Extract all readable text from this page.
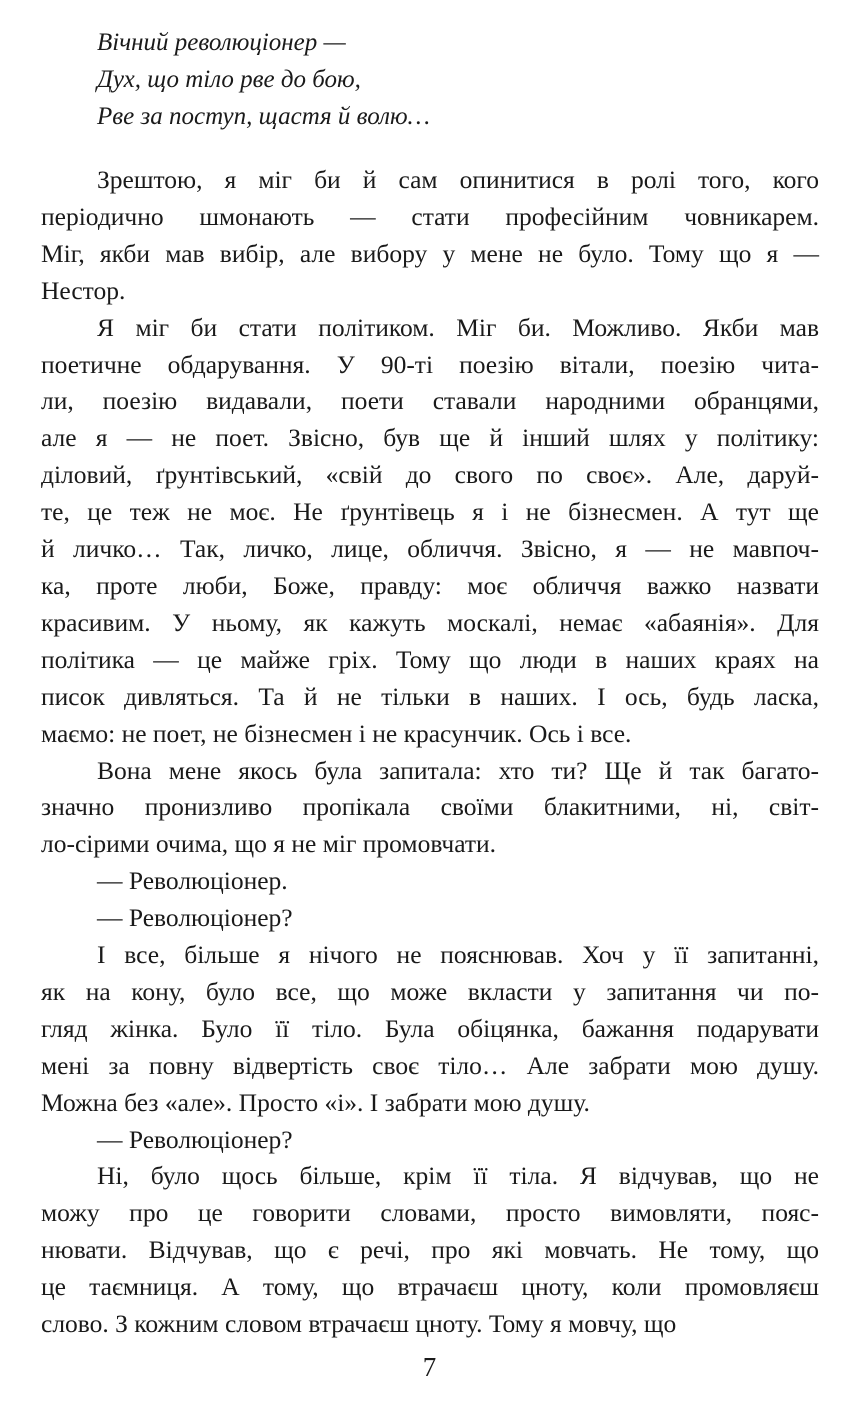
Вічний революціонер —
Дух, що тіло рве до бою,
Рве за поступ, щастя й волю…

Зрештою, я міг би й сам опинитися в ролі того, кого
періодично шмонають — стати професійним човникарем.
Міг, якби мав вибір, але вибору у мене не було. Тому що я —
Нестор.

Я міг би стати політиком. Міг би. Можливо. Якби мав
поетичне обдарування. У 90-ті поезію вітали, поезію чита-
ли, поезію видавали, поети ставали народними обранцями,
але я — не поет. Звісно, був ще й інший шлях у політику:
діловий, ґрунтівський, «свій до свого по своє». Але, даруй-
те, це теж не моє. Не ґрунтівець я і не бізнесмен. А тут ще
й личко… Так, личко, лице, обличчя. Звісно, я — не мавпоч-
ка, проте люби, Боже, правду: моє обличчя важко назвати
красивим. У ньому, як кажуть москалі, немає «абаянія». Для
політика — це майже гріх. Тому що люди в наших краях на
писок дивляться. Та й не тільки в наших. І ось, будь ласка,
маємо: не поет, не бізнесмен і не красунчик. Ось і все.

Вона мене якось була запитала: хто ти? Ще й так багато-
значно пронизливо пропікала своїми блакитними, ні, світ-
ло-сірими очима, що я не міг промовчати.

— Революціонер.

— Революціонер?

І все, більше я нічого не пояснював. Хоч у її запитанні,
як на кону, було все, що може вкласти у запитання чи по-
гляд жінка. Було її тіло. Була обіцянка, бажання подарувати
мені за повну відвертість своє тіло… Але забрати мою душу.
Можна без «але». Просто «і». І забрати мою душу.

— Революціонер?

Ні, було щось більше, крім її тіла. Я відчував, що не
можу про це говорити словами, просто вимовляти, пояс-
нювати. Відчував, що є речі, про які мовчать. Не тому, що
це таємниця. А тому, що втрачаєш цноту, коли промовляєш
слово. З кожним словом втрачаєш цноту. Тому я мовчу, що

7
